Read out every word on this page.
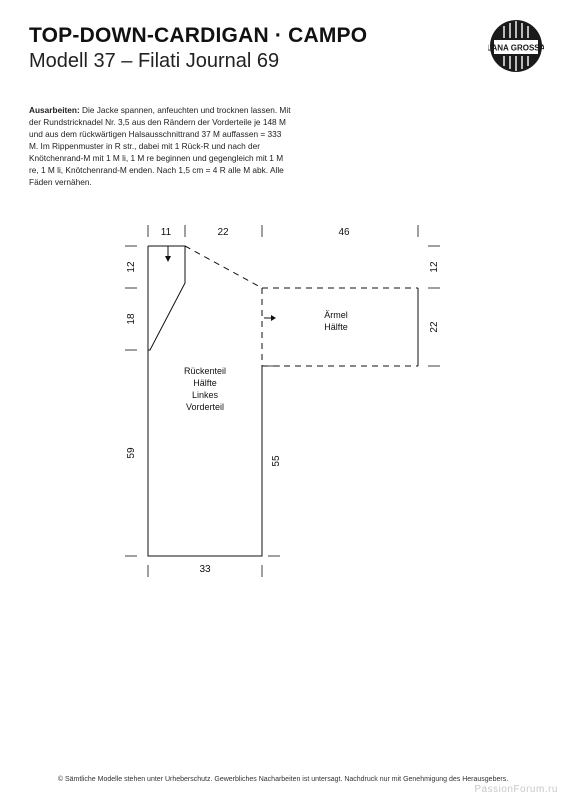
TOP-DOWN-CARDIGAN · CAMPO
Modell 37 – Filati Journal 69
LANA GROSSA
Ausarbeiten: Die Jacke spannen, anfeuchten und trocknen lassen. Mit der Rundstricknadel Nr. 3,5 aus den Rändern der Vorderteile je 148 M und aus dem rückwärtigen Halsausschnittrand 37 M auffassen = 333 M. Im Rippenmuster in R str., dabei mit 1 Rück-R und nach der Knötchenrand-M mit 1 M li, 1 M re beginnen und gegengleich mit 1 M re, 1 M li, Knötchenrand-M enden. Nach 1,5 cm = 4 R alle M abk. Alle Fäden vernähen.
11	22	46
33
12
18
59
55
12
22
Rückenteil
Hälfte
Linkes
Vorderteil
Ärmel
Hälfte
© Sämtliche Modelle stehen unter Urheberschutz. Gewerbliches Nacharbeiten ist untersagt. Nachdruck nur mit Genehmigung des Herausgebers.
PassionForum.ru
